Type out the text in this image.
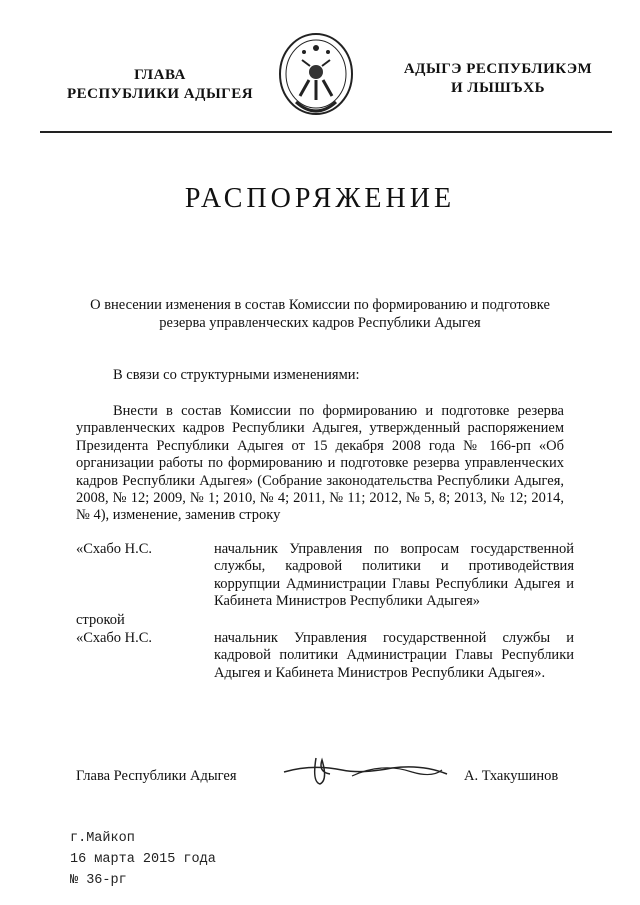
ГЛАВА
РЕСПУБЛИКИ АДЫГЕЯ
АДЫГЭ РЕСПУБЛИКЭМ
И ЛЫШЪХЬ
РАСПОРЯЖЕНИЕ
О внесении изменения в состав Комиссии по формированию и подготовке
резерва управленческих кадров Республики Адыгея
В связи со структурными изменениями:
Внести в состав Комиссии по формированию и подготовке резерва управленческих кадров Республики Адыгея, утвержденный распоряжением Президента Республики Адыгея от 15 декабря 2008 года № 166-рп «Об организации работы по формированию и подготовке резерва управленческих кадров Республики Адыгея» (Собрание законодательства Республики Адыгея, 2008, № 12; 2009, № 1; 2010, № 4; 2011, № 11; 2012, № 5, 8; 2013, № 12; 2014, № 4), изменение, заменив строку
«Схабо Н.С.	начальник Управления по вопросам государственной службы, кадровой политики и противодействия коррупции Администрации Главы Республики Адыгея и Кабинета Министров Республики Адыгея»
строкой
«Схабо Н.С.	начальник Управления государственной службы и кадровой политики Администрации Главы Республики Адыгея и Кабинета Министров Республики Адыгея».
Глава Республики Адыгея	А. Тхакушинов
г.Майкоп
16 марта 2015 года
№ 36-рг
